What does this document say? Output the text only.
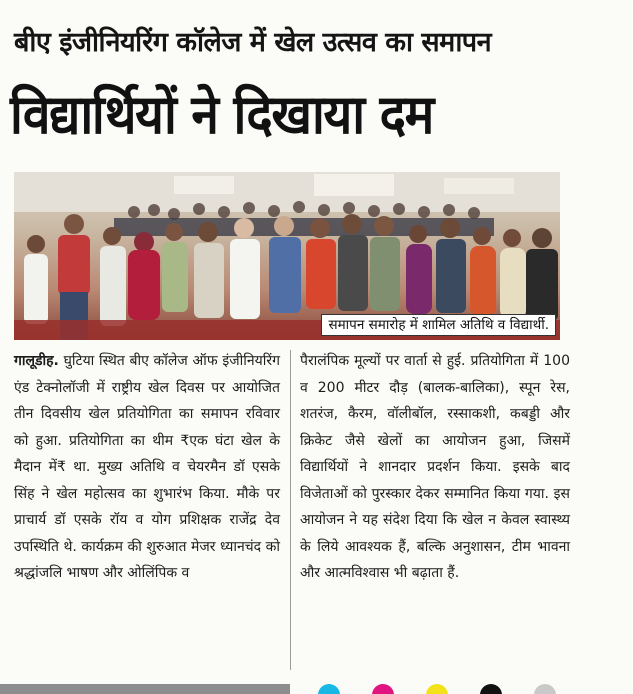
बीए इंजीनियरिंग कॉलेज में खेल उत्सव का समापन
विद्यार्थियों ने दिखाया दम
समापन समारोह में शामिल अतिथि व विद्यार्थी.

गालूडीह. घुटिया स्थित बीए कॉलेज ऑफ इंजीनियरिंग एंड टेक्नोलॉजी में राष्ट्रीय खेल दिवस पर आयोजित तीन दिवसीय खेल प्रतियोगिता का समापन रविवार को हुआ. प्रतियोगिता का थीम ₹एक घंटा खेल के मैदान में₹ था. मुख्य अतिथि व चेयरमैन डॉ एसके सिंह ने खेल महोत्सव का शुभारंभ किया. मौके पर प्राचार्य डॉ एसके रॉय व योग प्रशिक्षक राजेंद्र देव उपस्थिति थे. कार्यक्रम की शुरुआत मेजर ध्यानचंद को श्रद्धांजलि भाषण और ओलिंपिक व

पैरालंपिक मूल्यों पर वार्ता से हुई. प्रतियोगिता में 100 व 200 मीटर दौड़ (बालक-बालिका), स्पून रेस, शतरंज, कैरम, वॉलीबॉल, रस्साकशी, कबड्डी और क्रिकेट जैसे खेलों का आयोजन हुआ, जिसमें विद्यार्थियों ने शानदार प्रदर्शन किया. इसके बाद विजेताओं को पुरस्कार देकर सम्मानित किया गया. इस आयोजन ने यह संदेश दिया कि खेल न केवल स्वास्थ्य के लिये आवश्यक हैं, बल्कि अनुशासन, टीम भावना और आत्मविश्वास भी बढ़ाता हैं.
